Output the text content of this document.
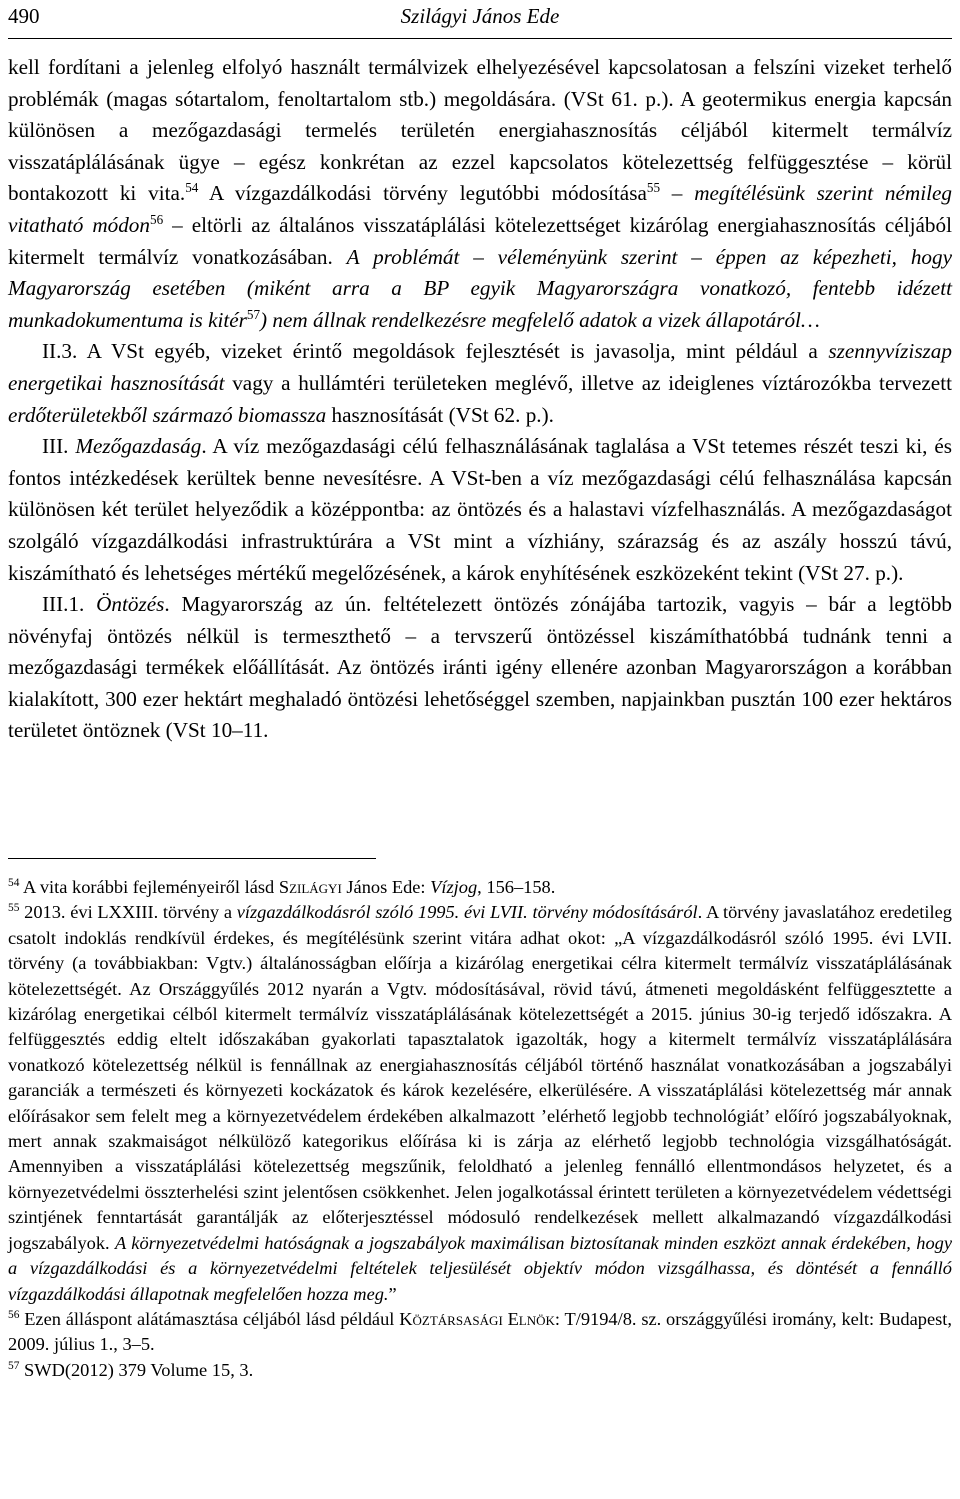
490	Szilágyi János Ede

kell fordítani a jelenleg elfolyó használt termálvizek elhelyezésével kapcsolatosan a felszíni vizeket terhelő problémák (magas sótartalom, fenoltartalom stb.) megoldására. (VSt 61. p.). A geotermikus energia kapcsán különösen a mezőgazdasági termelés területén energiahasznosítás céljából kitermelt termálvíz visszatáplálásának ügye – egész konkrétan az ezzel kapcsolatos kötelezettség felfüggesztése – körül bontakozott ki vita.$^{54}$ A vízgazdálkodási törvény legutóbbi módosítása$^{55}$ – megítélésünk szerint némileg vitatható módon$^{56}$ – eltörli az általános visszatáplálási kötelezettséget kizárólag energiahasznosítás céljából kitermelt termálvíz vonatkozásában. A problémát – véleményünk szerint – éppen az képezheti, hogy Magyarország esetében (miként arra a BP egyik Magyarországra vonatkozó, fentebb idézett munkadokumentuma is kitér$^{57}$) nem állnak rendelkezésre megfelelő adatok a vizek állapotáról…

II.3. A VSt egyéb, vizeket érintő megoldások fejlesztését is javasolja, mint például a szennyvíziszap energetikai hasznosítását vagy a hullámtéri területeken meglévő, illetve az ideiglenes víztározókba tervezett erdőterületekből származó biomassza hasznosítását (VSt 62. p.).

III. Mezőgazdaság. A víz mezőgazdasági célú felhasználásának taglalása a VSt tetemes részét teszi ki, és fontos intézkedések kerültek benne nevesítésre. A VSt-ben a víz mezőgazdasági célú felhasználása kapcsán különösen két terület helyeződik a középpontba: az öntözés és a halastavi vízfelhasználás. A mezőgazdaságot szolgáló vízgazdálkodási infrastruktúrára a VSt mint a vízhiány, szárazság és az aszály hosszú távú, kiszámítható és lehetséges mértékű megelőzésének, a károk enyhítésének eszközeként tekint (VSt 27. p.).

III.1. Öntözés. Magyarország az ún. feltételezett öntözés zónájába tartozik, vagyis – bár a legtöbb növényfaj öntözés nélkül is termeszthető – a tervszerű öntözéssel kiszámíthatóbbá tudnánk tenni a mezőgazdasági termékek előállítását. Az öntözés iránti igény ellenére azonban Magyarországon a korábban kialakított, 300 ezer hektárt meghaladó öntözési lehetőséggel szemben, napjainkban pusztán 100 ezer hektáros területet öntöznek (VSt 10–11.

$^{54}$ A vita korábbi fejleményeiről lásd Szilágyi János Ede: Vízjog, 156–158.

$^{55}$ 2013. évi LXXIII. törvény a vízgazdálkodásról szóló 1995. évi LVII. törvény módosításáról. A törvény javaslatához eredetileg csatolt indoklás rendkívül érdekes, és megítélésünk szerint vitára adhat okot: „A vízgazdálkodásról szóló 1995. évi LVII. törvény (a továbbiakban: Vgtv.) általánosságban előírja a kizárólag energetikai célra kitermelt termálvíz visszatáplálásának kötelezettségét. Az Országgyűlés 2012 nyarán a Vgtv. módosításával, rövid távú, átmeneti megoldásként felfüggesztette a kizárólag energetikai célból kitermelt termálvíz visszatáplálásának kötelezettségét a 2015. június 30-ig terjedő időszakra. A felfüggesztés eddig eltelt időszakában gyakorlati tapasztalatok igazolták, hogy a kitermelt termálvíz visszatáplálására vonatkozó kötelezettség nélkül is fennállnak az energiahasznosítás céljából történő használat vonatkozásában a jogszabályi garanciák a természeti és környezeti kockázatok és károk kezelésére, elkerülésére. A visszatáplálási kötelezettség már annak előírásakor sem felelt meg a környezetvédelem érdekében alkalmazott ’elérhető legjobb technológiát’ előíró jogszabályoknak, mert annak szakmaiságot nélkülöző kategorikus előírása ki is zárja az elérhető legjobb technológia vizsgálhatóságát. Amennyiben a visszatáplálási kötelezettség megszűnik, feloldható a jelenleg fennálló ellentmondásos helyzetet, és a környezetvédelmi összterhelési szint jelentősen csökkenhet. Jelen jogalkotással érintett területen a környezetvédelem védettségi szintjének fenntartását garantálják az előterjesztéssel módosuló rendelkezések mellett alkalmazandó vízgazdálkodási jogszabályok. A környezetvédelmi hatóságnak a jogszabályok maximálisan biztosítanak minden eszközt annak érdekében, hogy a vízgazdálkodási és a környezetvédelmi feltételek teljesülését objektív módon vizsgálhassa, és döntését a fennálló vízgazdálkodási állapotnak megfelelően hozza meg.”

$^{56}$ Ezen álláspont alátámasztása céljából lásd például Köztársasági Elnök: T/9194/8. sz. országgyűlési iromány, kelt: Budapest, 2009. július 1., 3–5.

$^{57}$ SWD(2012) 379 Volume 15, 3.
